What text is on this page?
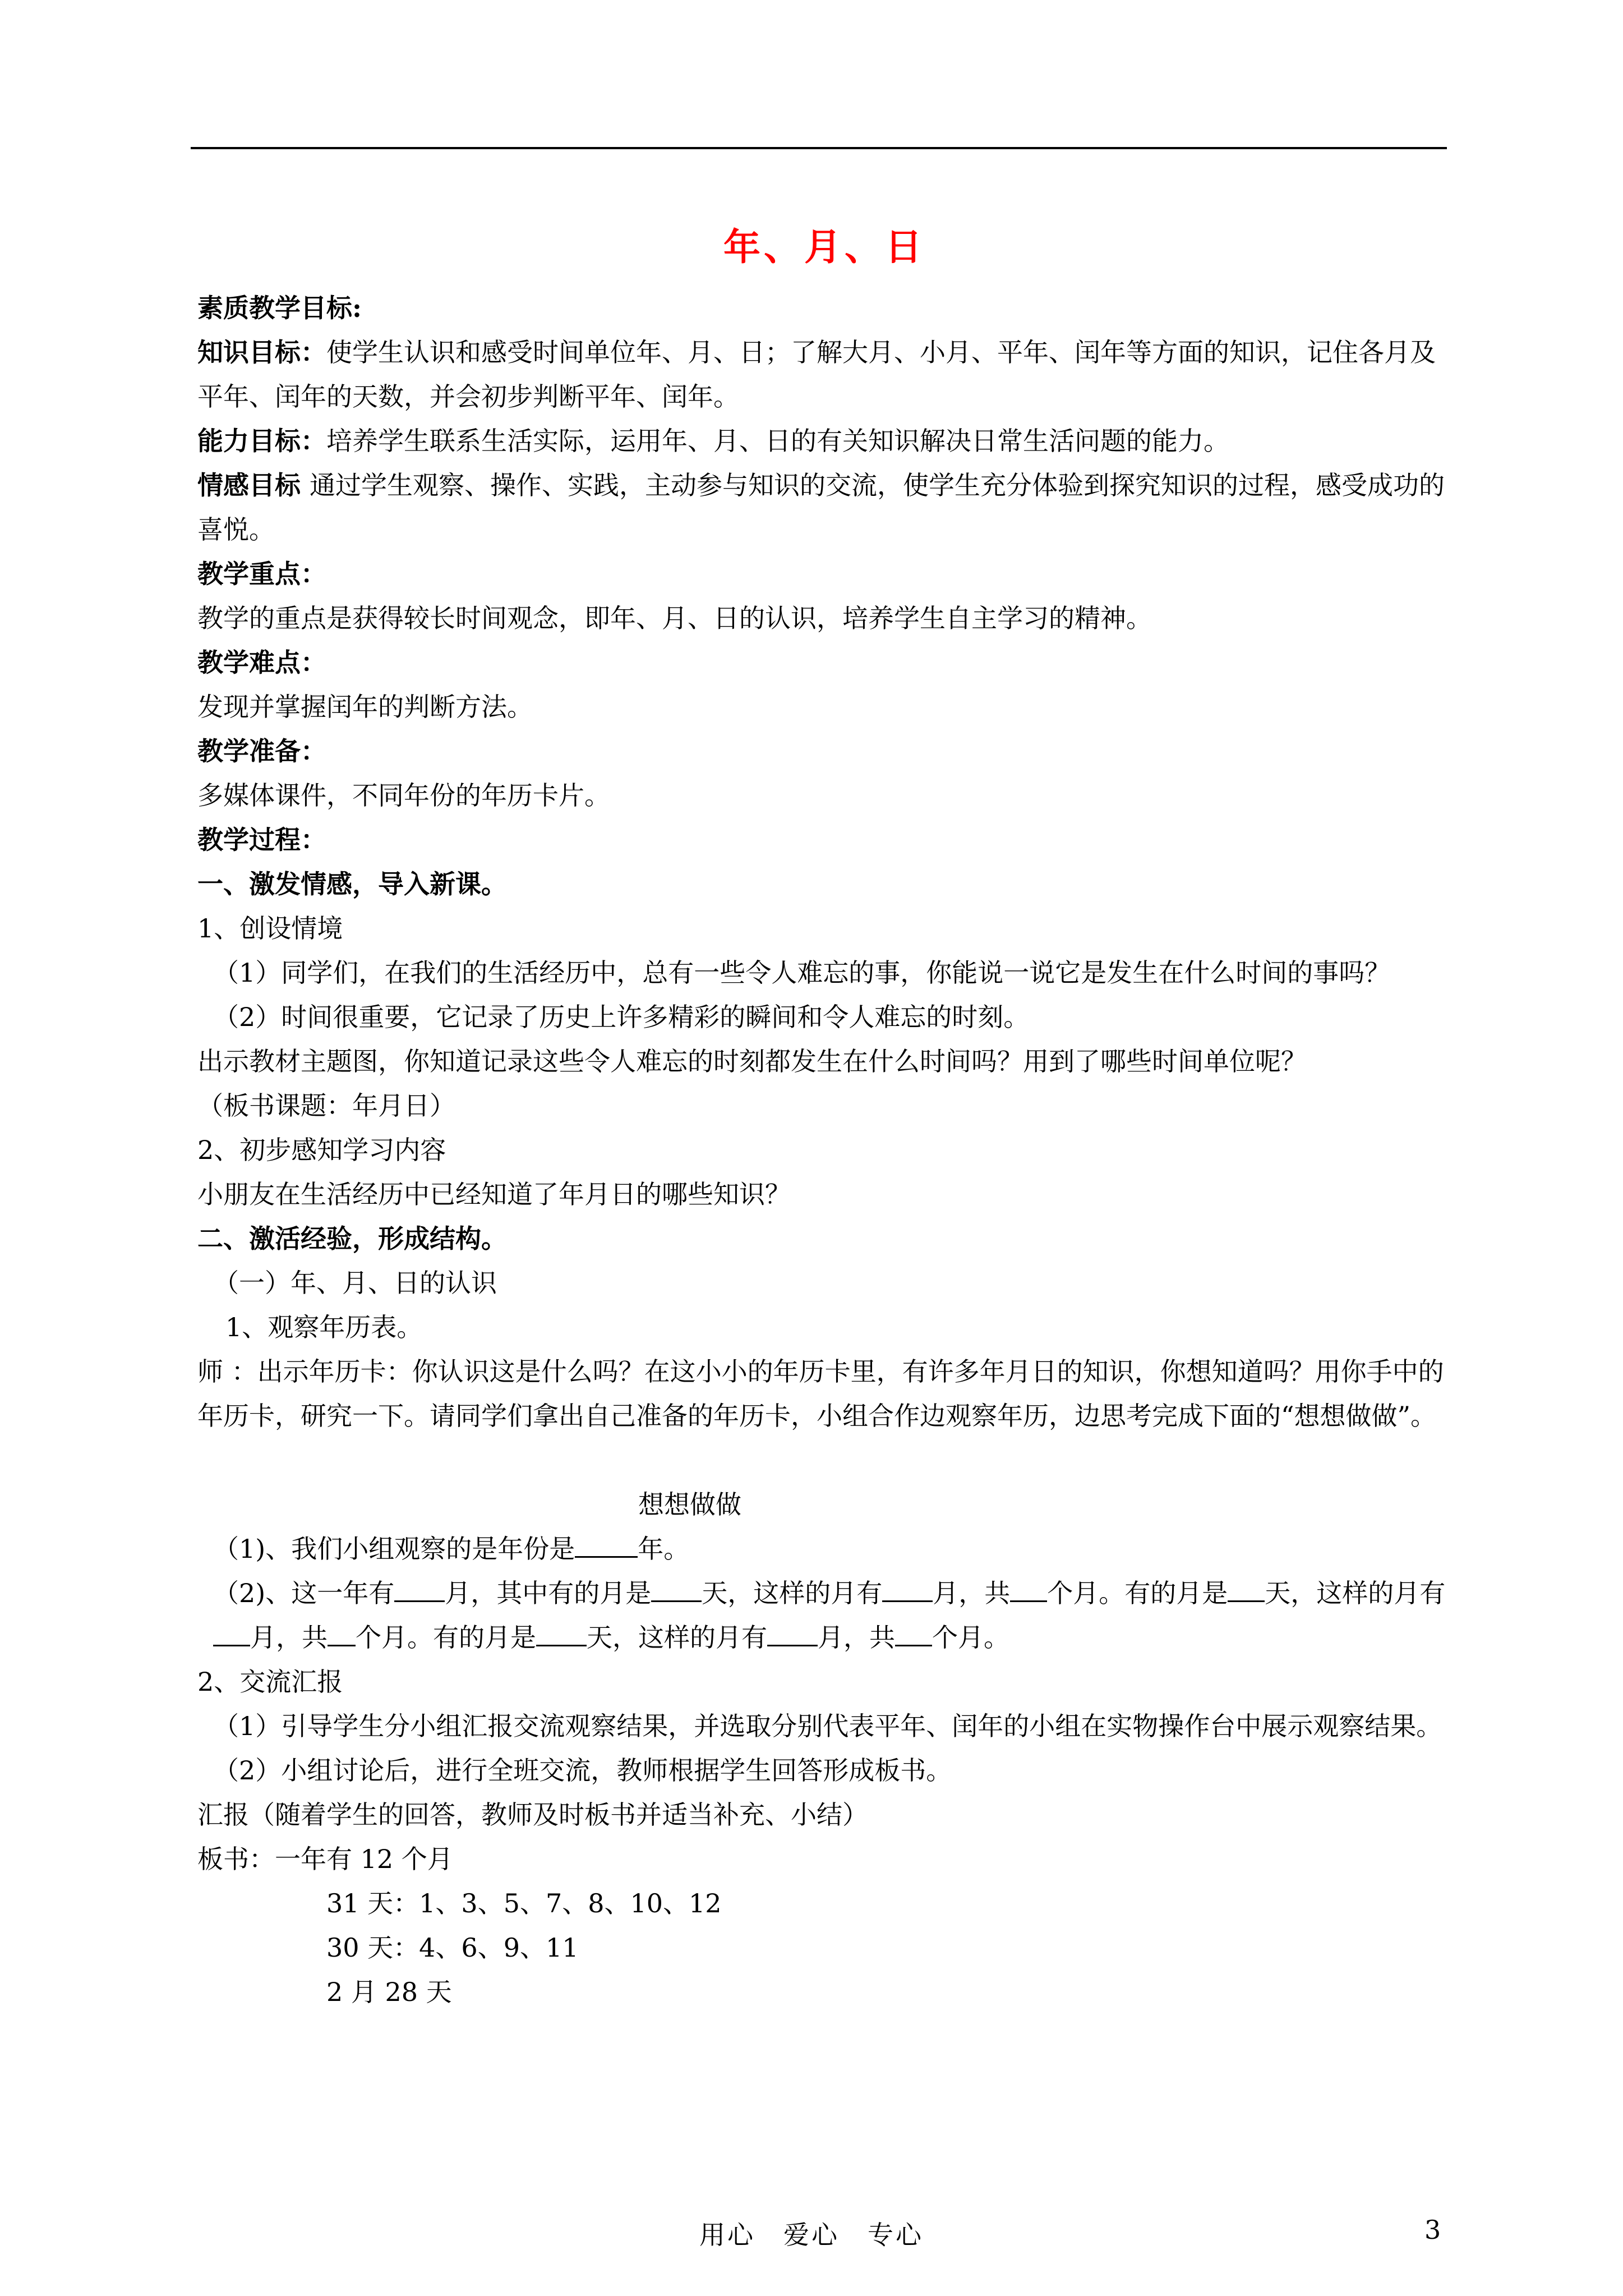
年、月、日

素质教学目标:

知识目标：使学生认识和感受时间单位年、月、日；了解大月、小月、平年、闰年等方面的知识，记住各月及平年、闰年的天数，并会初步判断平年、闰年。

能力目标：培养学生联系生活实际，运用年、月、日的有关知识解决日常生活问题的能力。

情感目标 通过学生观察、操作、实践，主动参与知识的交流，使学生充分体验到探究知识的过程，感受成功的喜悦。

教学重点：

教学的重点是获得较长时间观念，即年、月、日的认识，培养学生自主学习的精神。

教学难点：

发现并掌握闰年的判断方法。

教学准备：

多媒体课件，不同年份的年历卡片。

教学过程：

一、激发情感，导入新课。

1、创设情境

（1）同学们，在我们的生活经历中，总有一些令人难忘的事，你能说一说它是发生在什么时间的事吗？

（2）时间很重要，它记录了历史上许多精彩的瞬间和令人难忘的时刻。

出示教材主题图，你知道记录这些令人难忘的时刻都发生在什么时间吗？用到了哪些时间单位呢？

（板书课题：年月日）

2、初步感知学习内容

小朋友在生活经历中已经知道了年月日的哪些知识？

二、激活经验，形成结构。

（一）年、月、日的认识

1、观察年历表。

师 ：出示年历卡：你认识这是什么吗？在这小小的年历卡里，有许多年月日的知识，你想知道吗？用你手中的年历卡，研究一下。请同学们拿出自己准备的年历卡，小组合作边观察年历，边思考完成下面的“想想做做”。

想想做做

（1)、我们小组观察的是年份是 年。

（2)、这一年有 月，其中有的月是 天，这样的月有 月，共 个月。有的月是 天，这样的月有 月，共 个月。有的月是 天，这样的月有 月，共 个月。

2、交流汇报

（1）引导学生分小组汇报交流观察结果，并选取分别代表平年、闰年的小组在实物操作台中展示观察结果。

（2）小组讨论后，进行全班交流，教师根据学生回答形成板书。

汇报（随着学生的回答，教师及时板书并适当补充、小结）

板书：一年有 12 个月

31 天：1、3、5、7、8、10、12

30 天：4、6、9、11

2 月 28 天

用心　爱心　专心	3
